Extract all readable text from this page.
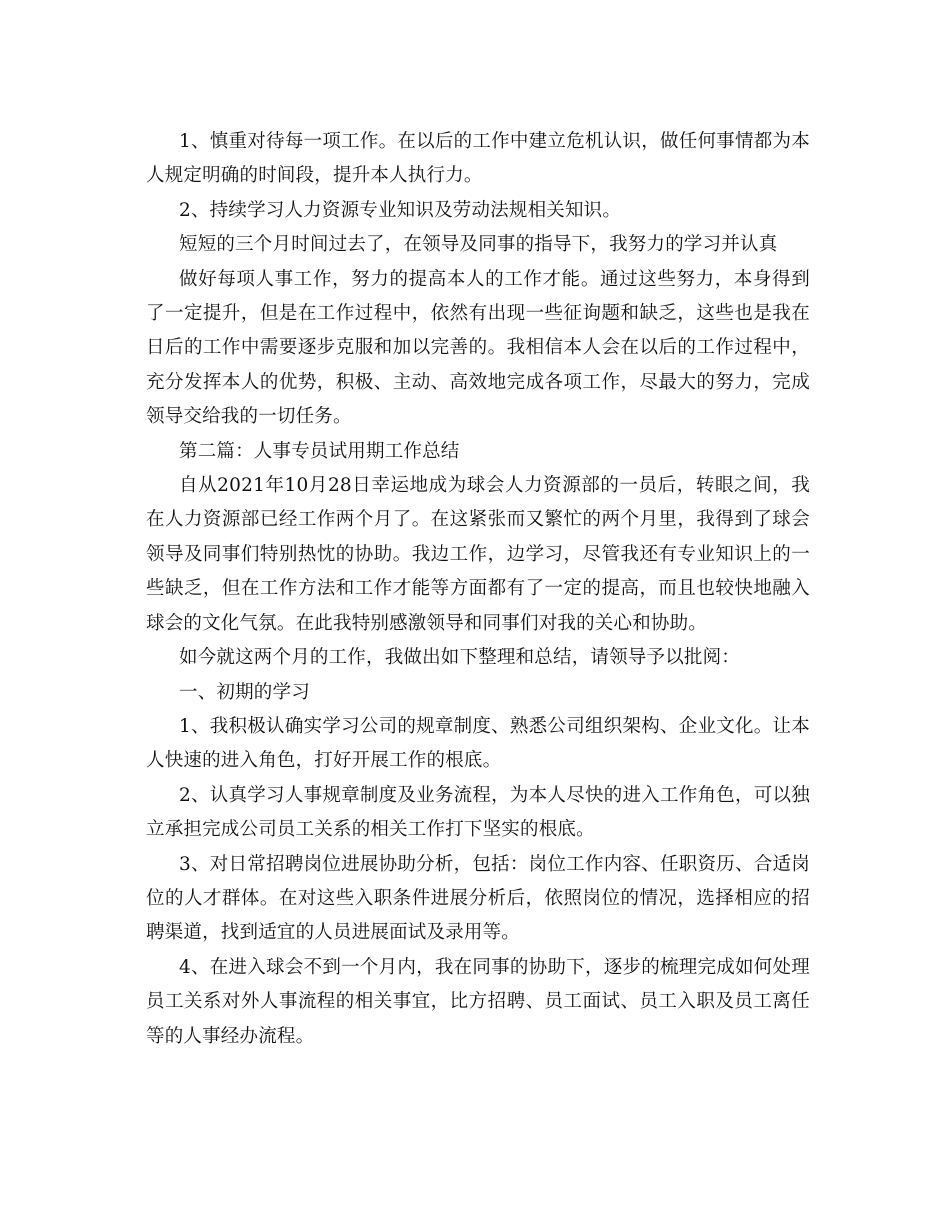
1、慎重对待每一项工作。在以后的工作中建立危机认识，做任何事情都为本人规定明确的时间段，提升本人执行力。

2、持续学习人力资源专业知识及劳动法规相关知识。

短短的三个月时间过去了，在领导及同事的指导下，我努力的学习并认真

做好每项人事工作，努力的提高本人的工作才能。通过这些努力，本身得到了一定提升，但是在工作过程中，依然有出现一些征询题和缺乏，这些也是我在日后的工作中需要逐步克服和加以完善的。我相信本人会在以后的工作过程中，充分发挥本人的优势，积极、主动、高效地完成各项工作，尽最大的努力，完成领导交给我的一切任务。

第二篇：人事专员试用期工作总结

自从2021年10月28日幸运地成为球会人力资源部的一员后，转眼之间，我在人力资源部已经工作两个月了。在这紧张而又繁忙的两个月里，我得到了球会领导及同事们特别热忱的协助。我边工作，边学习，尽管我还有专业知识上的一些缺乏，但在工作方法和工作才能等方面都有了一定的提高，而且也较快地融入球会的文化气氛。在此我特别感激领导和同事们对我的关心和协助。

如今就这两个月的工作，我做出如下整理和总结，请领导予以批阅：

一、初期的学习

1、我积极认确实学习公司的规章制度、熟悉公司组织架构、企业文化。让本人快速的进入角色，打好开展工作的根底。

2、认真学习人事规章制度及业务流程，为本人尽快的进入工作角色，可以独立承担完成公司员工关系的相关工作打下坚实的根底。

3、对日常招聘岗位进展协助分析，包括：岗位工作内容、任职资历、合适岗位的人才群体。在对这些入职条件进展分析后，依照岗位的情况，选择相应的招聘渠道，找到适宜的人员进展面试及录用等。

4、在进入球会不到一个月内，我在同事的协助下，逐步的梳理完成如何处理员工关系对外人事流程的相关事宜，比方招聘、员工面试、员工入职及员工离任等的人事经办流程。
